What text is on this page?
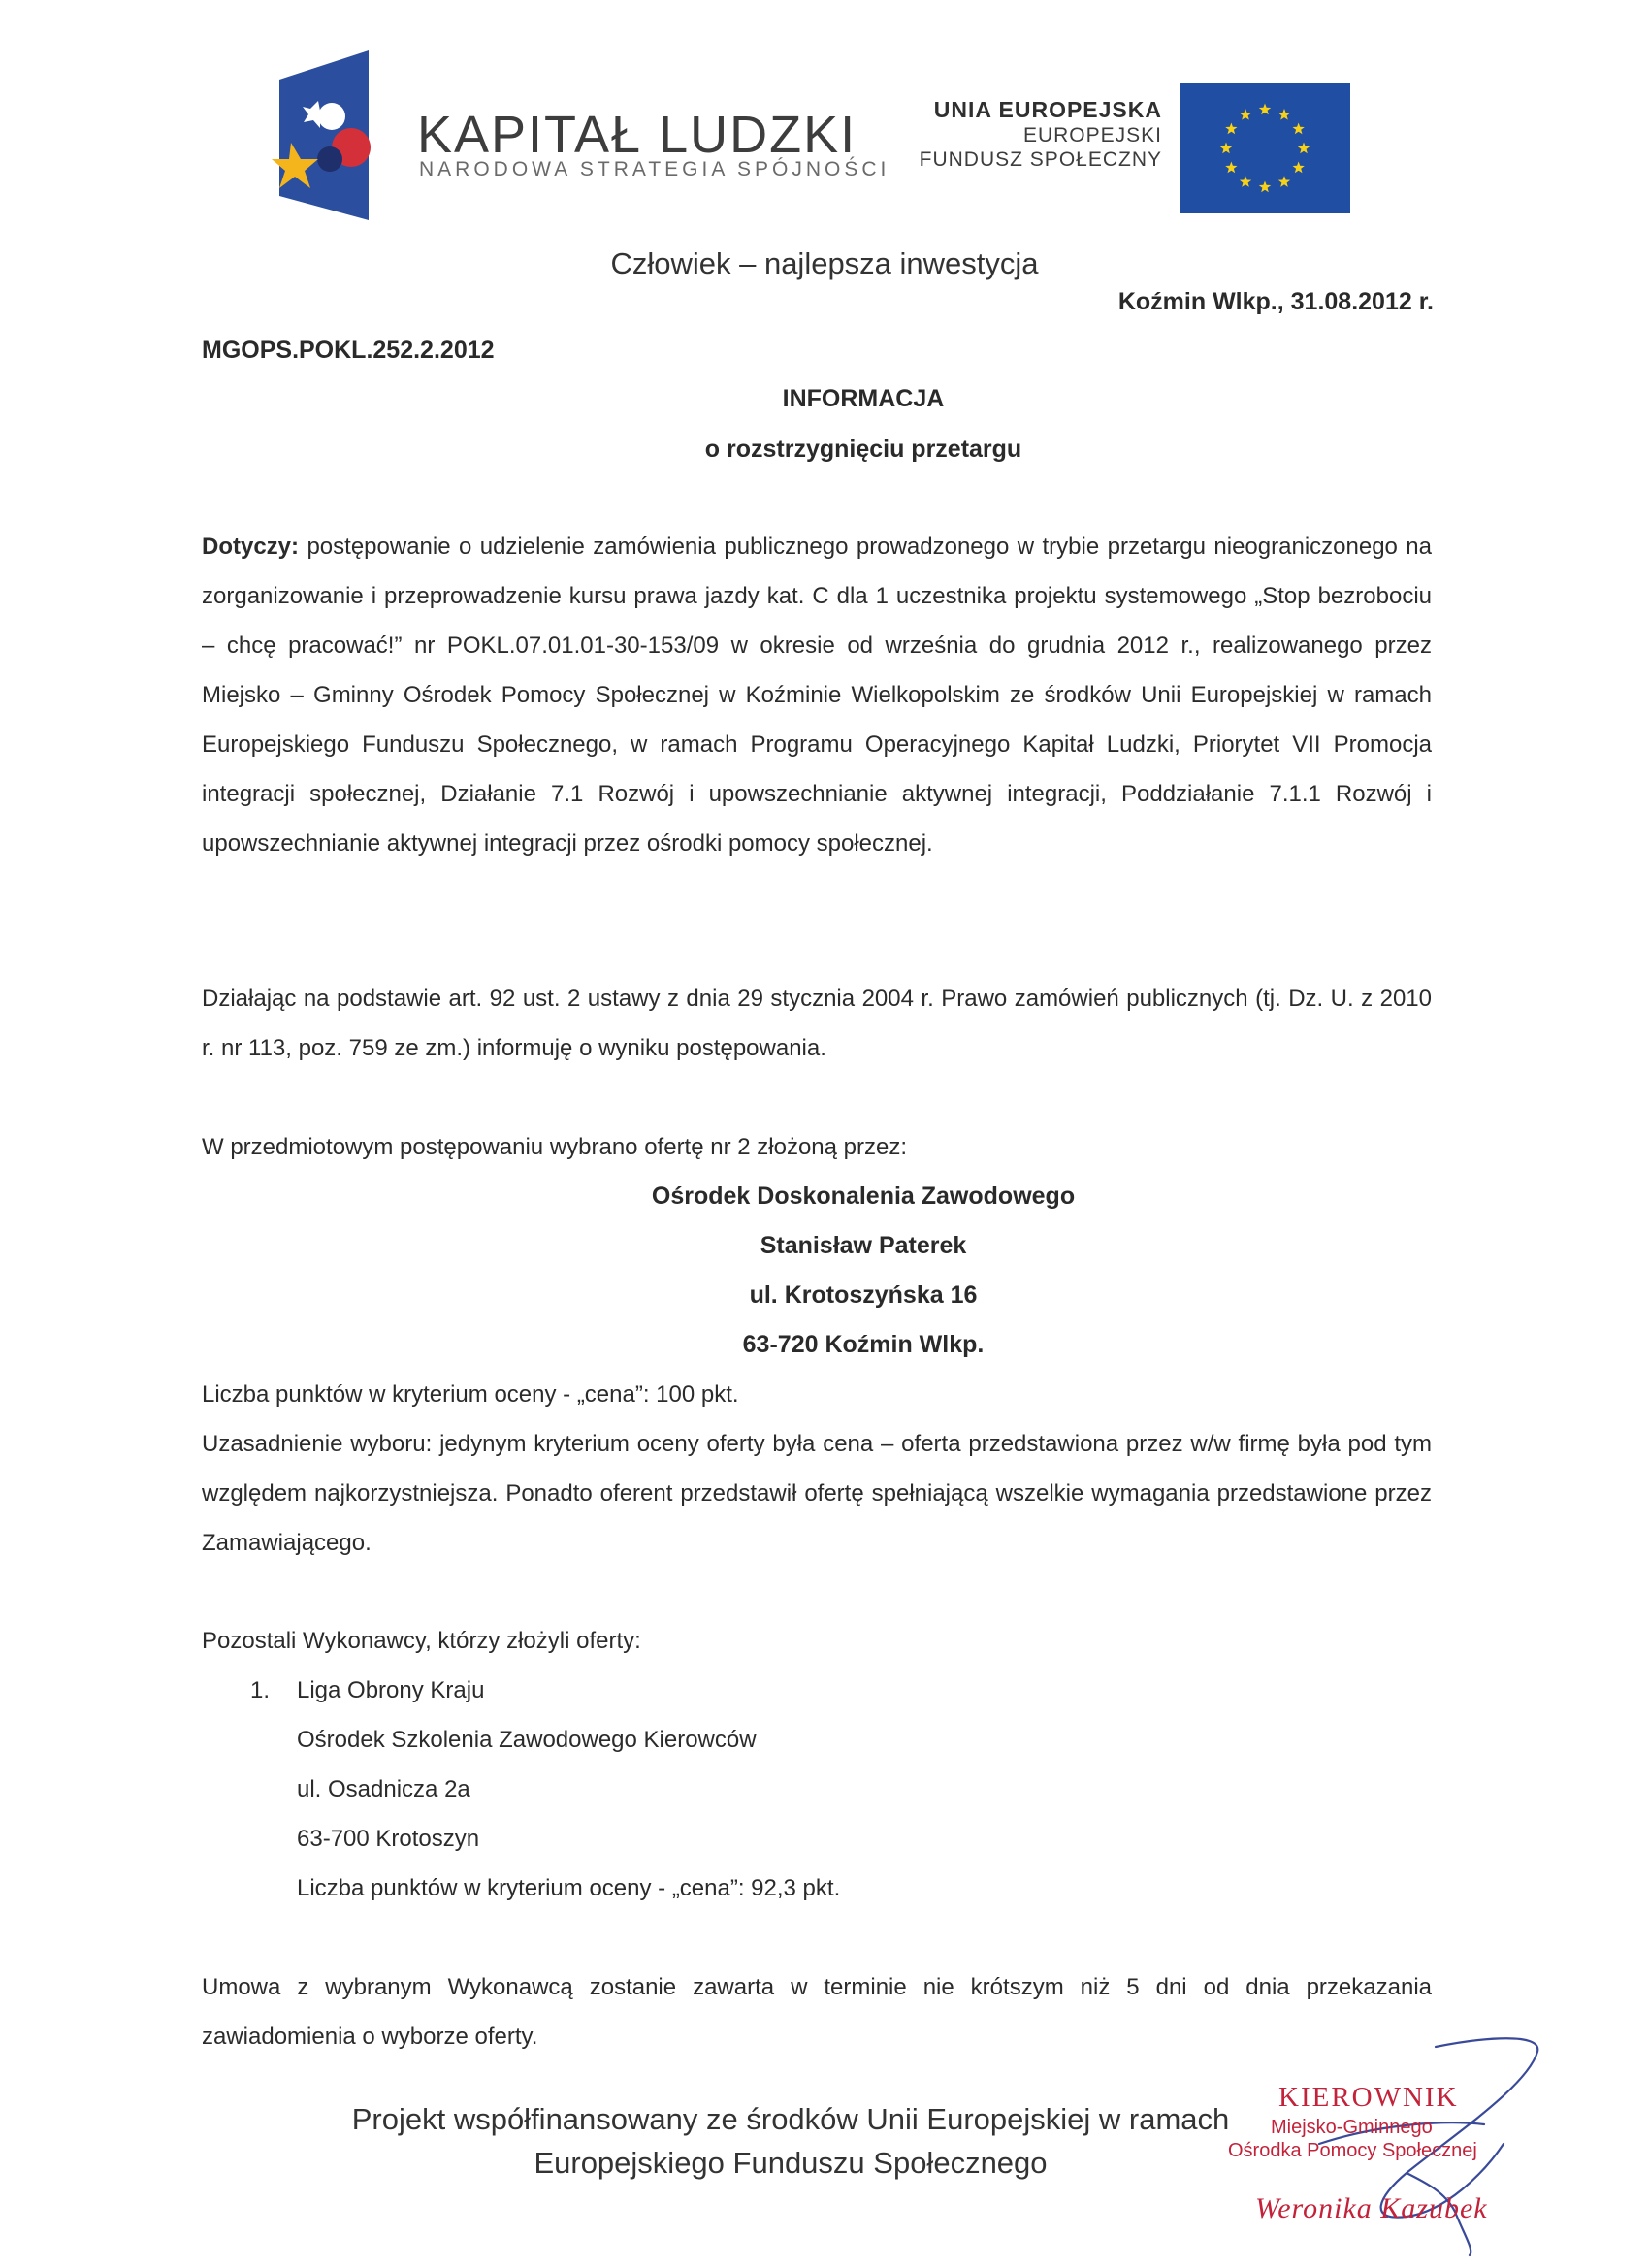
KAPITAŁ LUDZKI
NARODOWA STRATEGIA SPÓJNOŚCI
UNIA EUROPEJSKA
EUROPEJSKI
FUNDUSZ SPOŁECZNY
Człowiek – najlepsza inwestycja
Koźmin Wlkp., 31.08.2012 r.
MGOPS.POKL.252.2.2012
INFORMACJA
o rozstrzygnięciu przetargu

Dotyczy: postępowanie o udzielenie zamówienia publicznego prowadzonego w trybie przetargu nieograniczonego na zorganizowanie i przeprowadzenie kursu prawa jazdy kat. C dla 1 uczestnika projektu systemowego „Stop bezrobociu – chcę pracować!” nr POKL.07.01.01-30-153/09 w okresie od września do grudnia 2012 r., realizowanego przez Miejsko – Gminny Ośrodek Pomocy Społecznej w Koźminie Wielkopolskim ze środków Unii Europejskiej w ramach Europejskiego Funduszu Społecznego, w ramach Programu Operacyjnego Kapitał Ludzki, Priorytet VII Promocja integracji społecznej, Działanie 7.1 Rozwój i upowszechnianie aktywnej integracji, Poddziałanie 7.1.1 Rozwój i upowszechnianie aktywnej integracji przez ośrodki pomocy społecznej.

Działając na podstawie art. 92 ust. 2 ustawy z dnia 29 stycznia 2004 r. Prawo zamówień publicznych (tj. Dz. U. z 2010 r. nr 113, poz. 759 ze zm.) informuję o wyniku postępowania.

W przedmiotowym postępowaniu wybrano ofertę nr 2 złożoną przez:

Ośrodek Doskonalenia Zawodowego
Stanisław Paterek
ul. Krotoszyńska 16
63-720 Koźmin Wlkp.

Liczba punktów w kryterium oceny - „cena”: 100 pkt.

Uzasadnienie wyboru: jedynym kryterium oceny oferty była cena – oferta przedstawiona przez w/w firmę była pod tym względem najkorzystniejsza. Ponadto oferent przedstawił ofertę spełniającą wszelkie wymagania przedstawione przez Zamawiającego.

Pozostali Wykonawcy, którzy złożyli oferty:

1. Liga Obrony Kraju
Ośrodek Szkolenia Zawodowego Kierowców
ul. Osadnicza 2a
63-700 Krotoszyn
Liczba punktów w kryterium oceny - „cena”: 92,3 pkt.

Umowa z wybranym Wykonawcą zostanie zawarta w terminie nie krótszym niż 5 dni od dnia przekazania zawiadomienia o wyborze oferty.

Projekt współfinansowany ze środków Unii Europejskiej w ramach
Europejskiego Funduszu Społecznego
KIEROWNIK
Miejsko-Gminnego
Ośrodka Pomocy Społecznej
Weronika Kazubek
